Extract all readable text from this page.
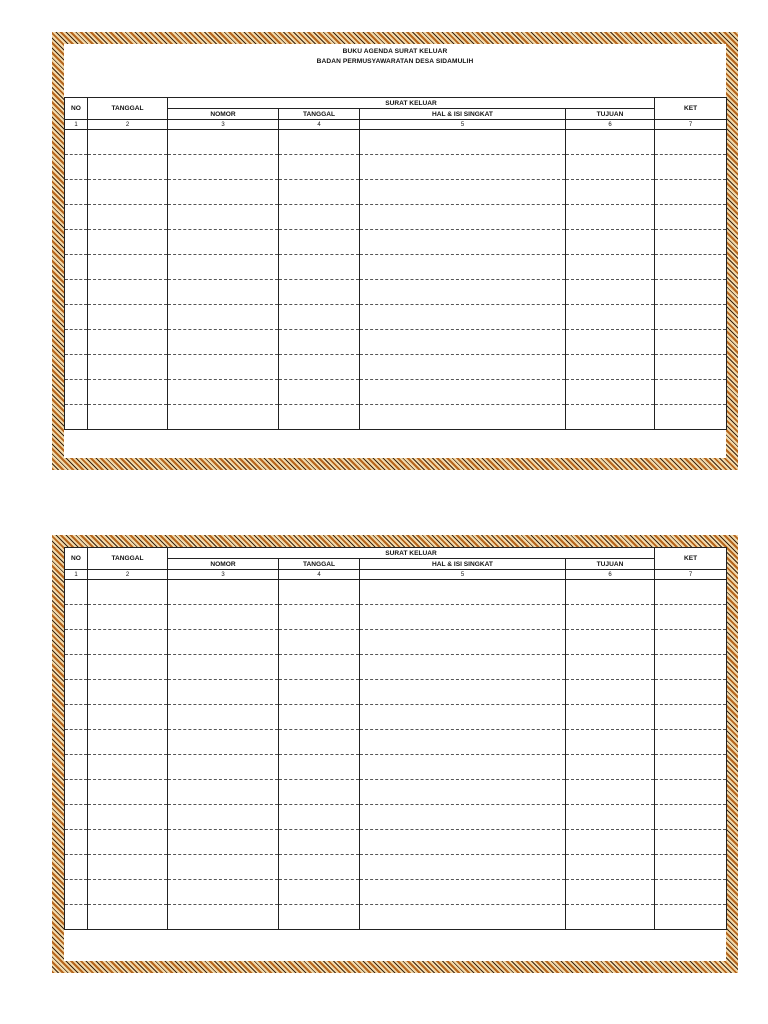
BUKU AGENDA SURAT KELUAR
BADAN PERMUSYAWARATAN DESA SIDAMULIH
NO	TANGGAL	SURAT KELUAR				KET
		NOMOR	TANGGAL	HAL & ISI SINGKAT	TUJUAN	
1	2	3	4	5	6	7

NO	TANGGAL	SURAT KELUAR				KET
		NOMOR	TANGGAL	HAL & ISI SINGKAT	TUJUAN	
1	2	3	4	5	6	7
